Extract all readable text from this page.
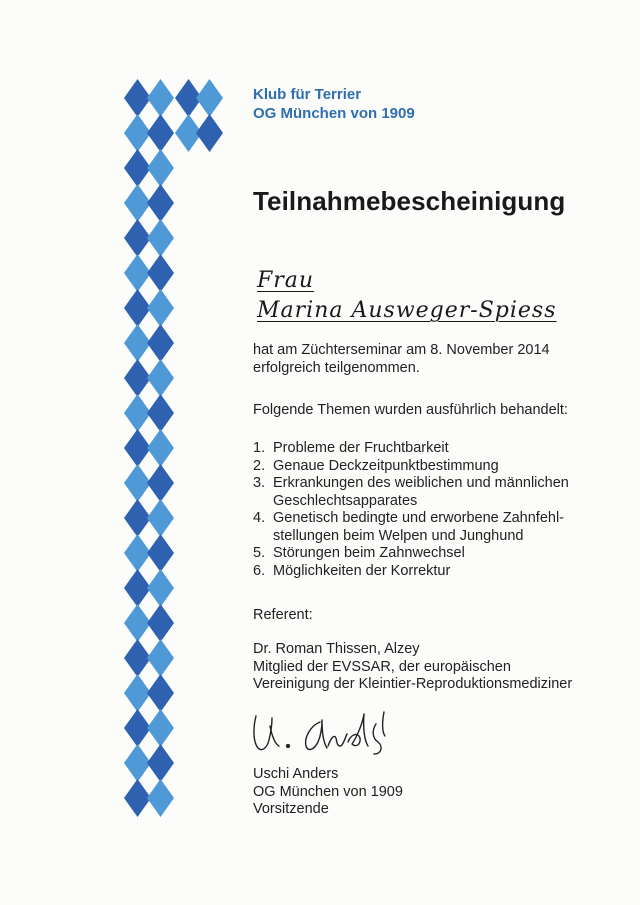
Klub für Terrier
OG München von 1909
Teilnahmebescheinigung
Frau
Marina Ausweger-Spiess
hat am Züchterseminar am 8. November 2014
erfolgreich teilgenommen.
Folgende Themen wurden ausführlich behandelt:
1. Probleme der Fruchtbarkeit
2. Genaue Deckzeitpunktbestimmung
3. Erkrankungen des weiblichen und männlichen
Geschlechtsapparates
4. Genetisch bedingte und erworbene Zahnfehl-
stellungen beim Welpen und Junghund
5. Störungen beim Zahnwechsel
6. Möglichkeiten der Korrektur
Referent:
Dr. Roman Thissen, Alzey
Mitglied der EVSSAR, der europäischen
Vereinigung der Kleintier-Reproduktionsmediziner
Uschi Anders
OG München von 1909
Vorsitzende
